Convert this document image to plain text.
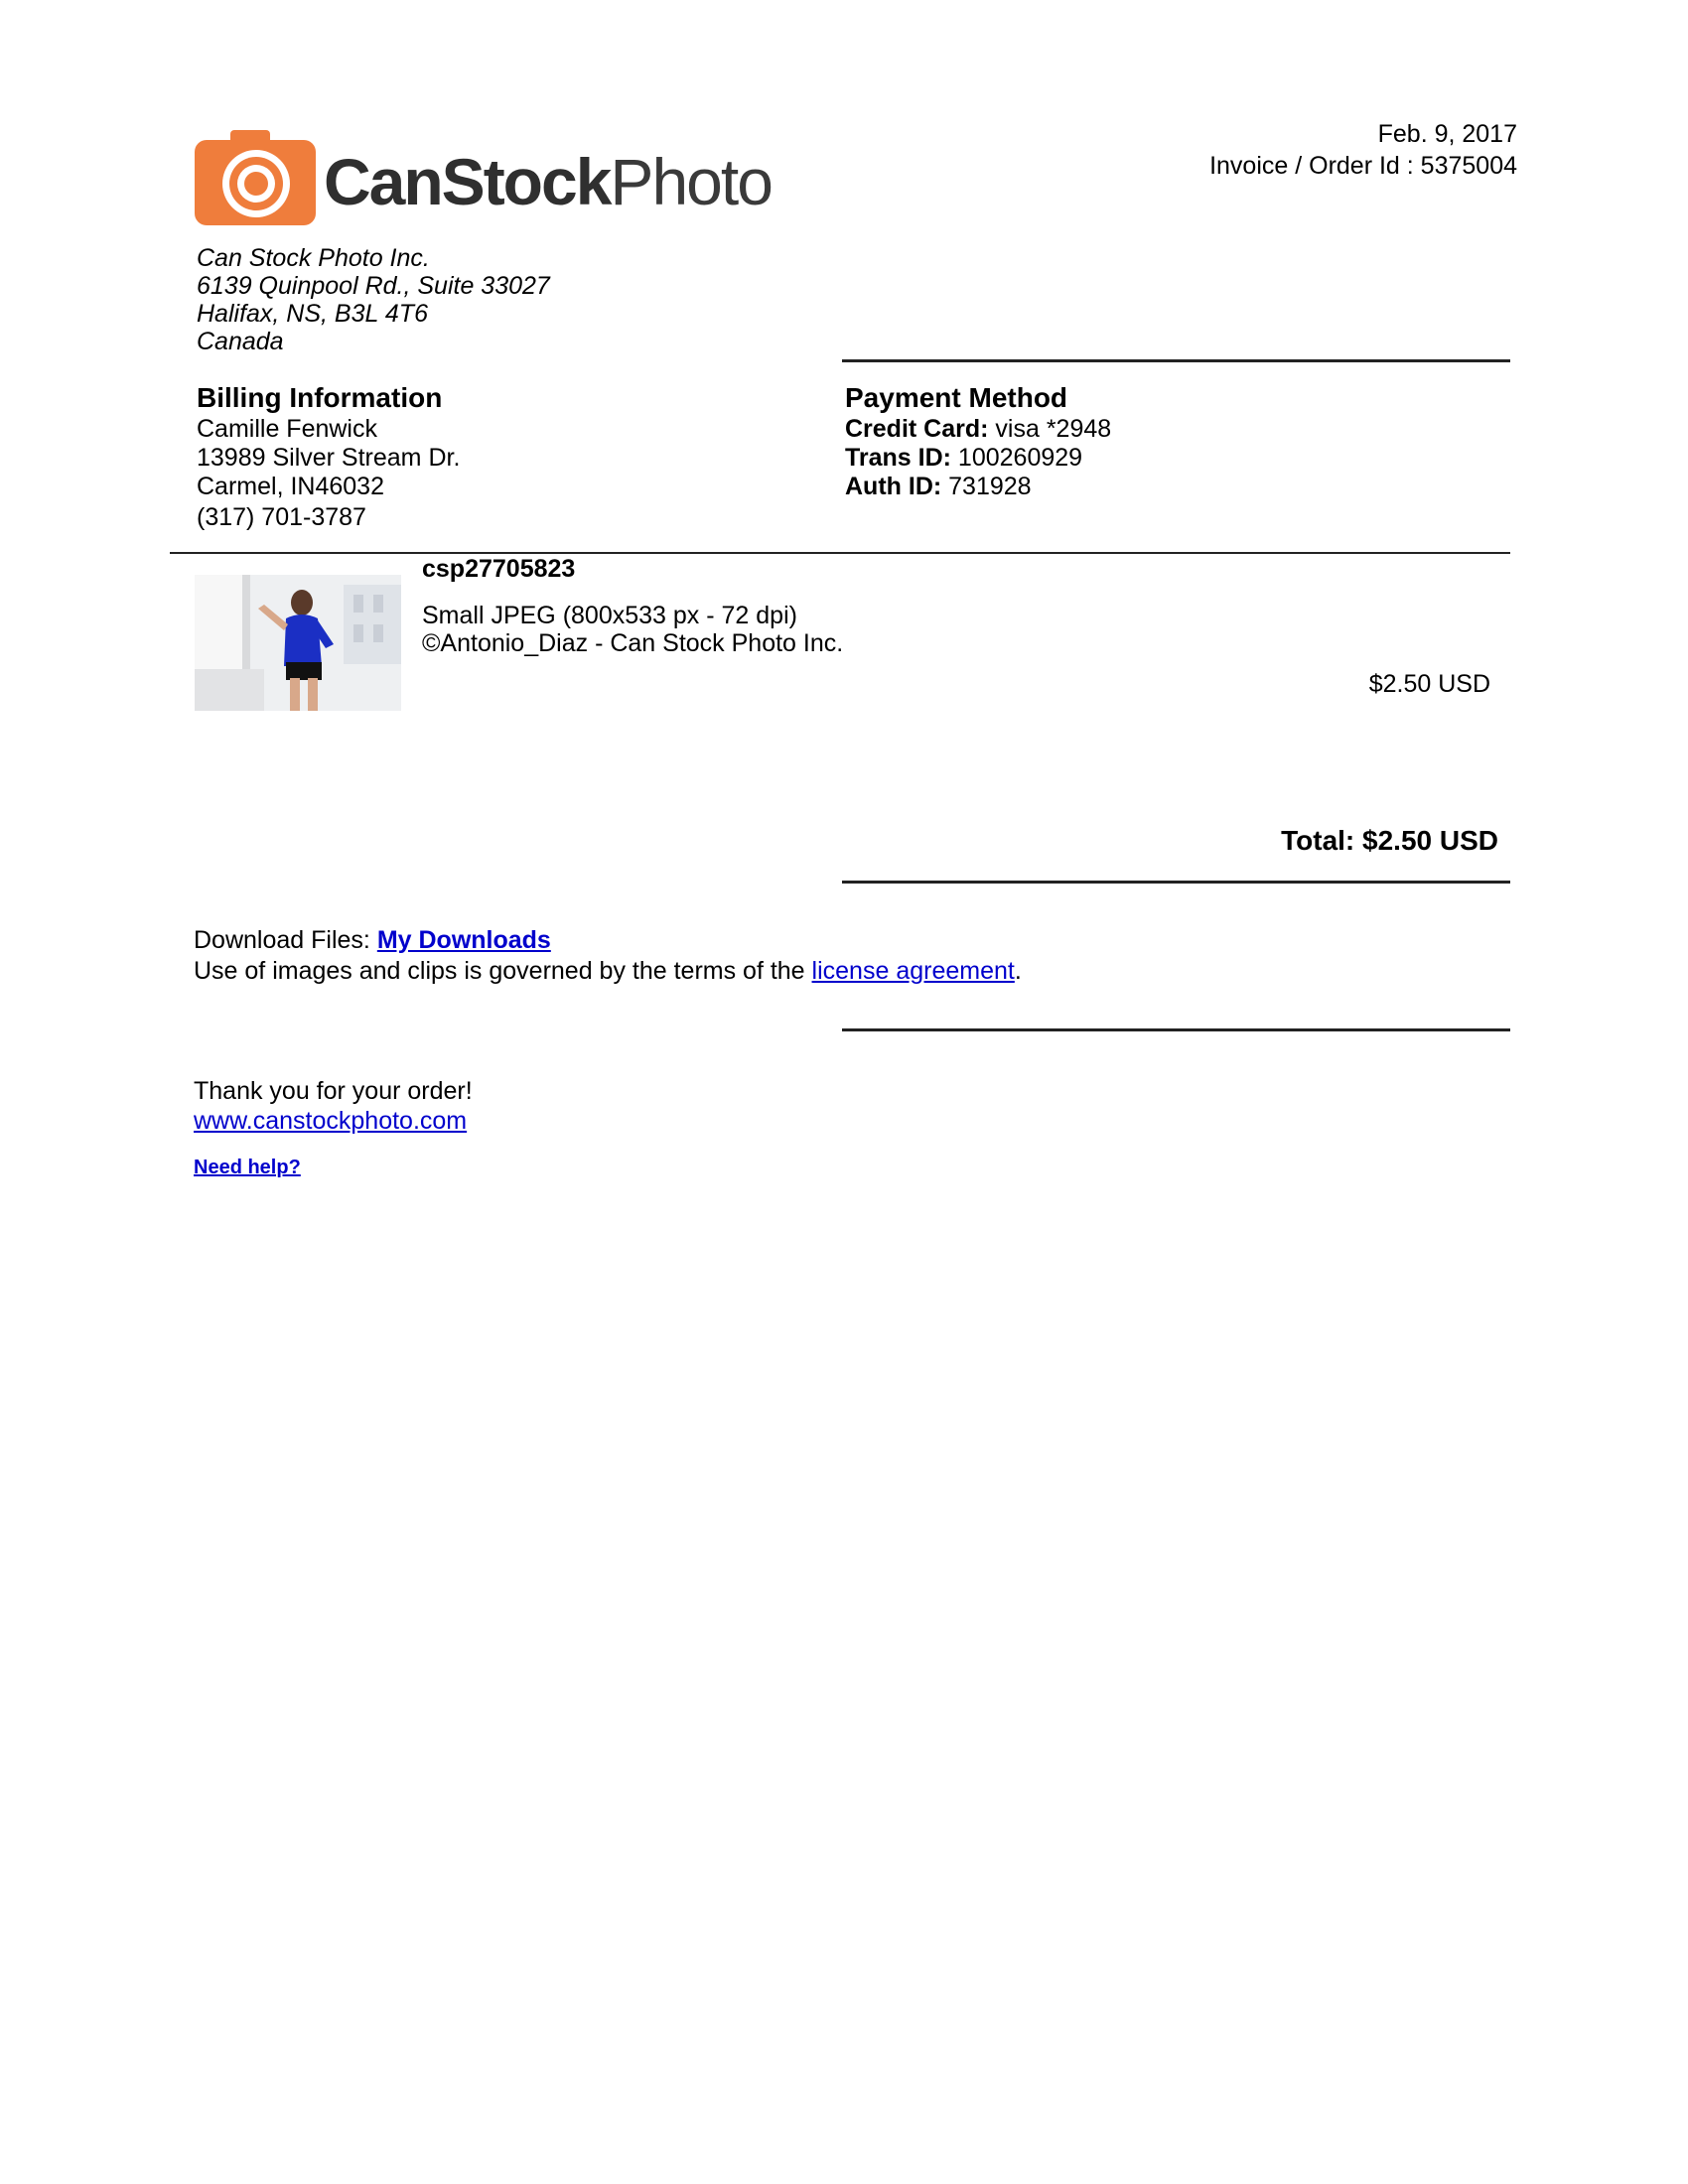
CanStockPhoto
Feb. 9, 2017
Invoice / Order Id : 5375004
Can Stock Photo Inc.
6139 Quinpool Rd., Suite 33027
Halifax, NS, B3L 4T6
Canada
Billing Information
Camille Fenwick
13989 Silver Stream Dr.
Carmel, IN46032
(317) 701-3787
Payment Method
Credit Card: visa *2948
Trans ID: 100260929
Auth ID: 731928
csp27705823
Small JPEG (800x533 px - 72 dpi)
©Antonio_Diaz - Can Stock Photo Inc.
$2.50 USD
Total: $2.50 USD
Download Files: My Downloads
Use of images and clips is governed by the terms of the license agreement.
Thank you for your order!
www.canstockphoto.com
Need help?
